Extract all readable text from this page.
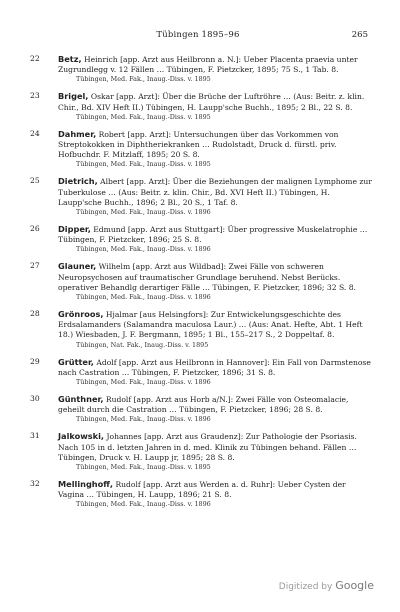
Tübingen 1895–96	265
22	Betz, Heinrich [app. Arzt aus Heilbronn a. N.]: Ueber Placenta praevia unter Zugrundlegg v. 12 Fällen … Tübingen, F. Pietzcker, 1895; 75 S., 1 Tab. 8.
Tübingen, Med. Fak., Inaug.-Diss. v. 1895
23	Brigel, Oskar [app. Arzt]: Über die Brüche der Luftröhre … (Aus: Beitr. z. klin. Chir., Bd. XIV Heft II.) Tübingen, H. Laupp'sche Buchh., 1895; 2 Bl., 22 S. 8.
Tübingen, Med. Fak., Inaug.-Diss. v. 1895
24	Dahmer, Robert [app. Arzt]: Untersuchungen über das Vorkommen von Streptokokken in Diphtheriekranken … Rudolstadt, Druck d. fürstl. priv. Hofbuchdr. F. Mitzlaff, 1895; 20 S. 8.
Tübingen, Med. Fak., Inaug.-Diss. v. 1895
25	Dietrich, Albert [app. Arzt]: Über die Beziehungen der malignen Lymphome zur Tuberkulose … (Aus: Beitr. z. klin. Chir., Bd. XVI Heft II.) Tübingen, H. Laupp'sche Buchh., 1896; 2 Bl., 20 S., 1 Taf. 8.
Tübingen, Med. Fak., Inaug.-Diss. v. 1896
26	Dipper, Edmund [app. Arzt aus Stuttgart]: Über progressive Muskelatrophie … Tübingen, F. Pietzcker, 1896; 25 S. 8.
Tübingen, Med. Fak., Inaug.-Diss. v. 1896
27	Glauner, Wilhelm [app. Arzt aus Wildbad]: Zwei Fälle von schweren Neuropsychosen auf traumatischer Grundlage beruhend. Nebst Berücks. operativer Behandlg derartiger Fälle … Tübingen, F. Pietzcker, 1896; 32 S. 8.
Tübingen, Med. Fak., Inaug.-Diss. v. 1896
28	Grönroos, Hjalmar [aus Helsingfors]: Zur Entwickelungsgeschichte des Erdsalamanders (Salamandra maculosa Laur.) … (Aus: Anat. Hefte, Abt. 1 Heft 18.) Wiesbaden, J. F. Bergmann, 1895; 1 Bl., 155–217 S., 2 Doppeltaf. 8.
Tübingen, Nat. Fak., Inaug.-Diss. v. 1895
29	Grütter, Adolf [app. Arzt aus Heilbronn in Hannover]: Ein Fall von Darmstenose nach Castration … Tübingen, F. Pietzcker, 1896; 31 S. 8.
Tübingen, Med. Fak., Inaug.-Diss. v. 1896
30	Günthner, Rudolf [app. Arzt aus Horb a/N.]: Zwei Fälle von Osteomalacie, geheilt durch die Castration … Tübingen, F. Pietzcker, 1896; 28 S. 8.
Tübingen, Med. Fak., Inaug.-Diss. v. 1896
31	Jalkowski, Johannes [app. Arzt aus Graudenz]: Zur Pathologie der Psoriasis. Nach 105 in d. letzten Jahren in d. med. Klinik zu Tübingen behand. Fällen … Tübingen, Druck v. H. Laupp jr, 1895; 28 S. 8.
Tübingen, Med. Fak., Inaug.-Diss. v. 1895
32	Mellinghoff, Rudolf [app. Arzt aus Werden a. d. Ruhr]: Ueber Cysten der Vagina … Tübingen, H. Laupp, 1896; 21 S. 8.
Tübingen, Med. Fak., Inaug.-Diss. v. 1896
Digitized by Google
